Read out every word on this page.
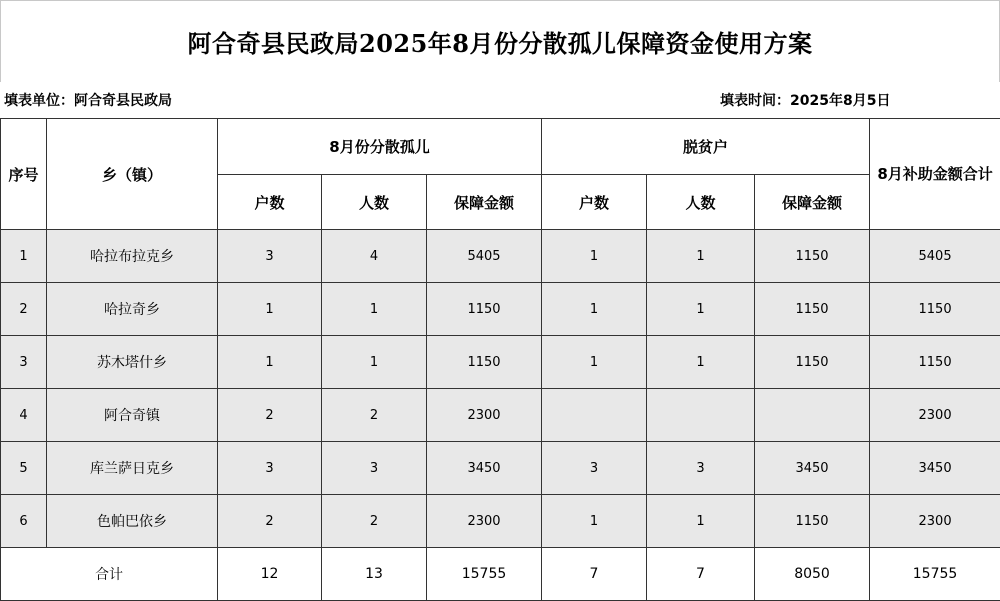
阿合奇县民政局2025年8月份分散孤儿保障资金使用方案
填表单位：阿合奇县民政局	填表时间：2025年8月5日
序号	乡（镇）	8月份分散孤儿			脱贫户			8月补助金额合计
		户数	人数	保障金额	户数	人数	保障金额	
1	哈拉布拉克乡	3	4	5405	1	1	1150	5405
2	哈拉奇乡	1	1	1150	1	1	1150	1150
3	苏木塔什乡	1	1	1150	1	1	1150	1150
4	阿合奇镇	2	2	2300				2300
5	库兰萨日克乡	3	3	3450	3	3	3450	3450
6	色帕巴依乡	2	2	2300	1	1	1150	2300
合计		12	13	15755	7	7	8050	15755
